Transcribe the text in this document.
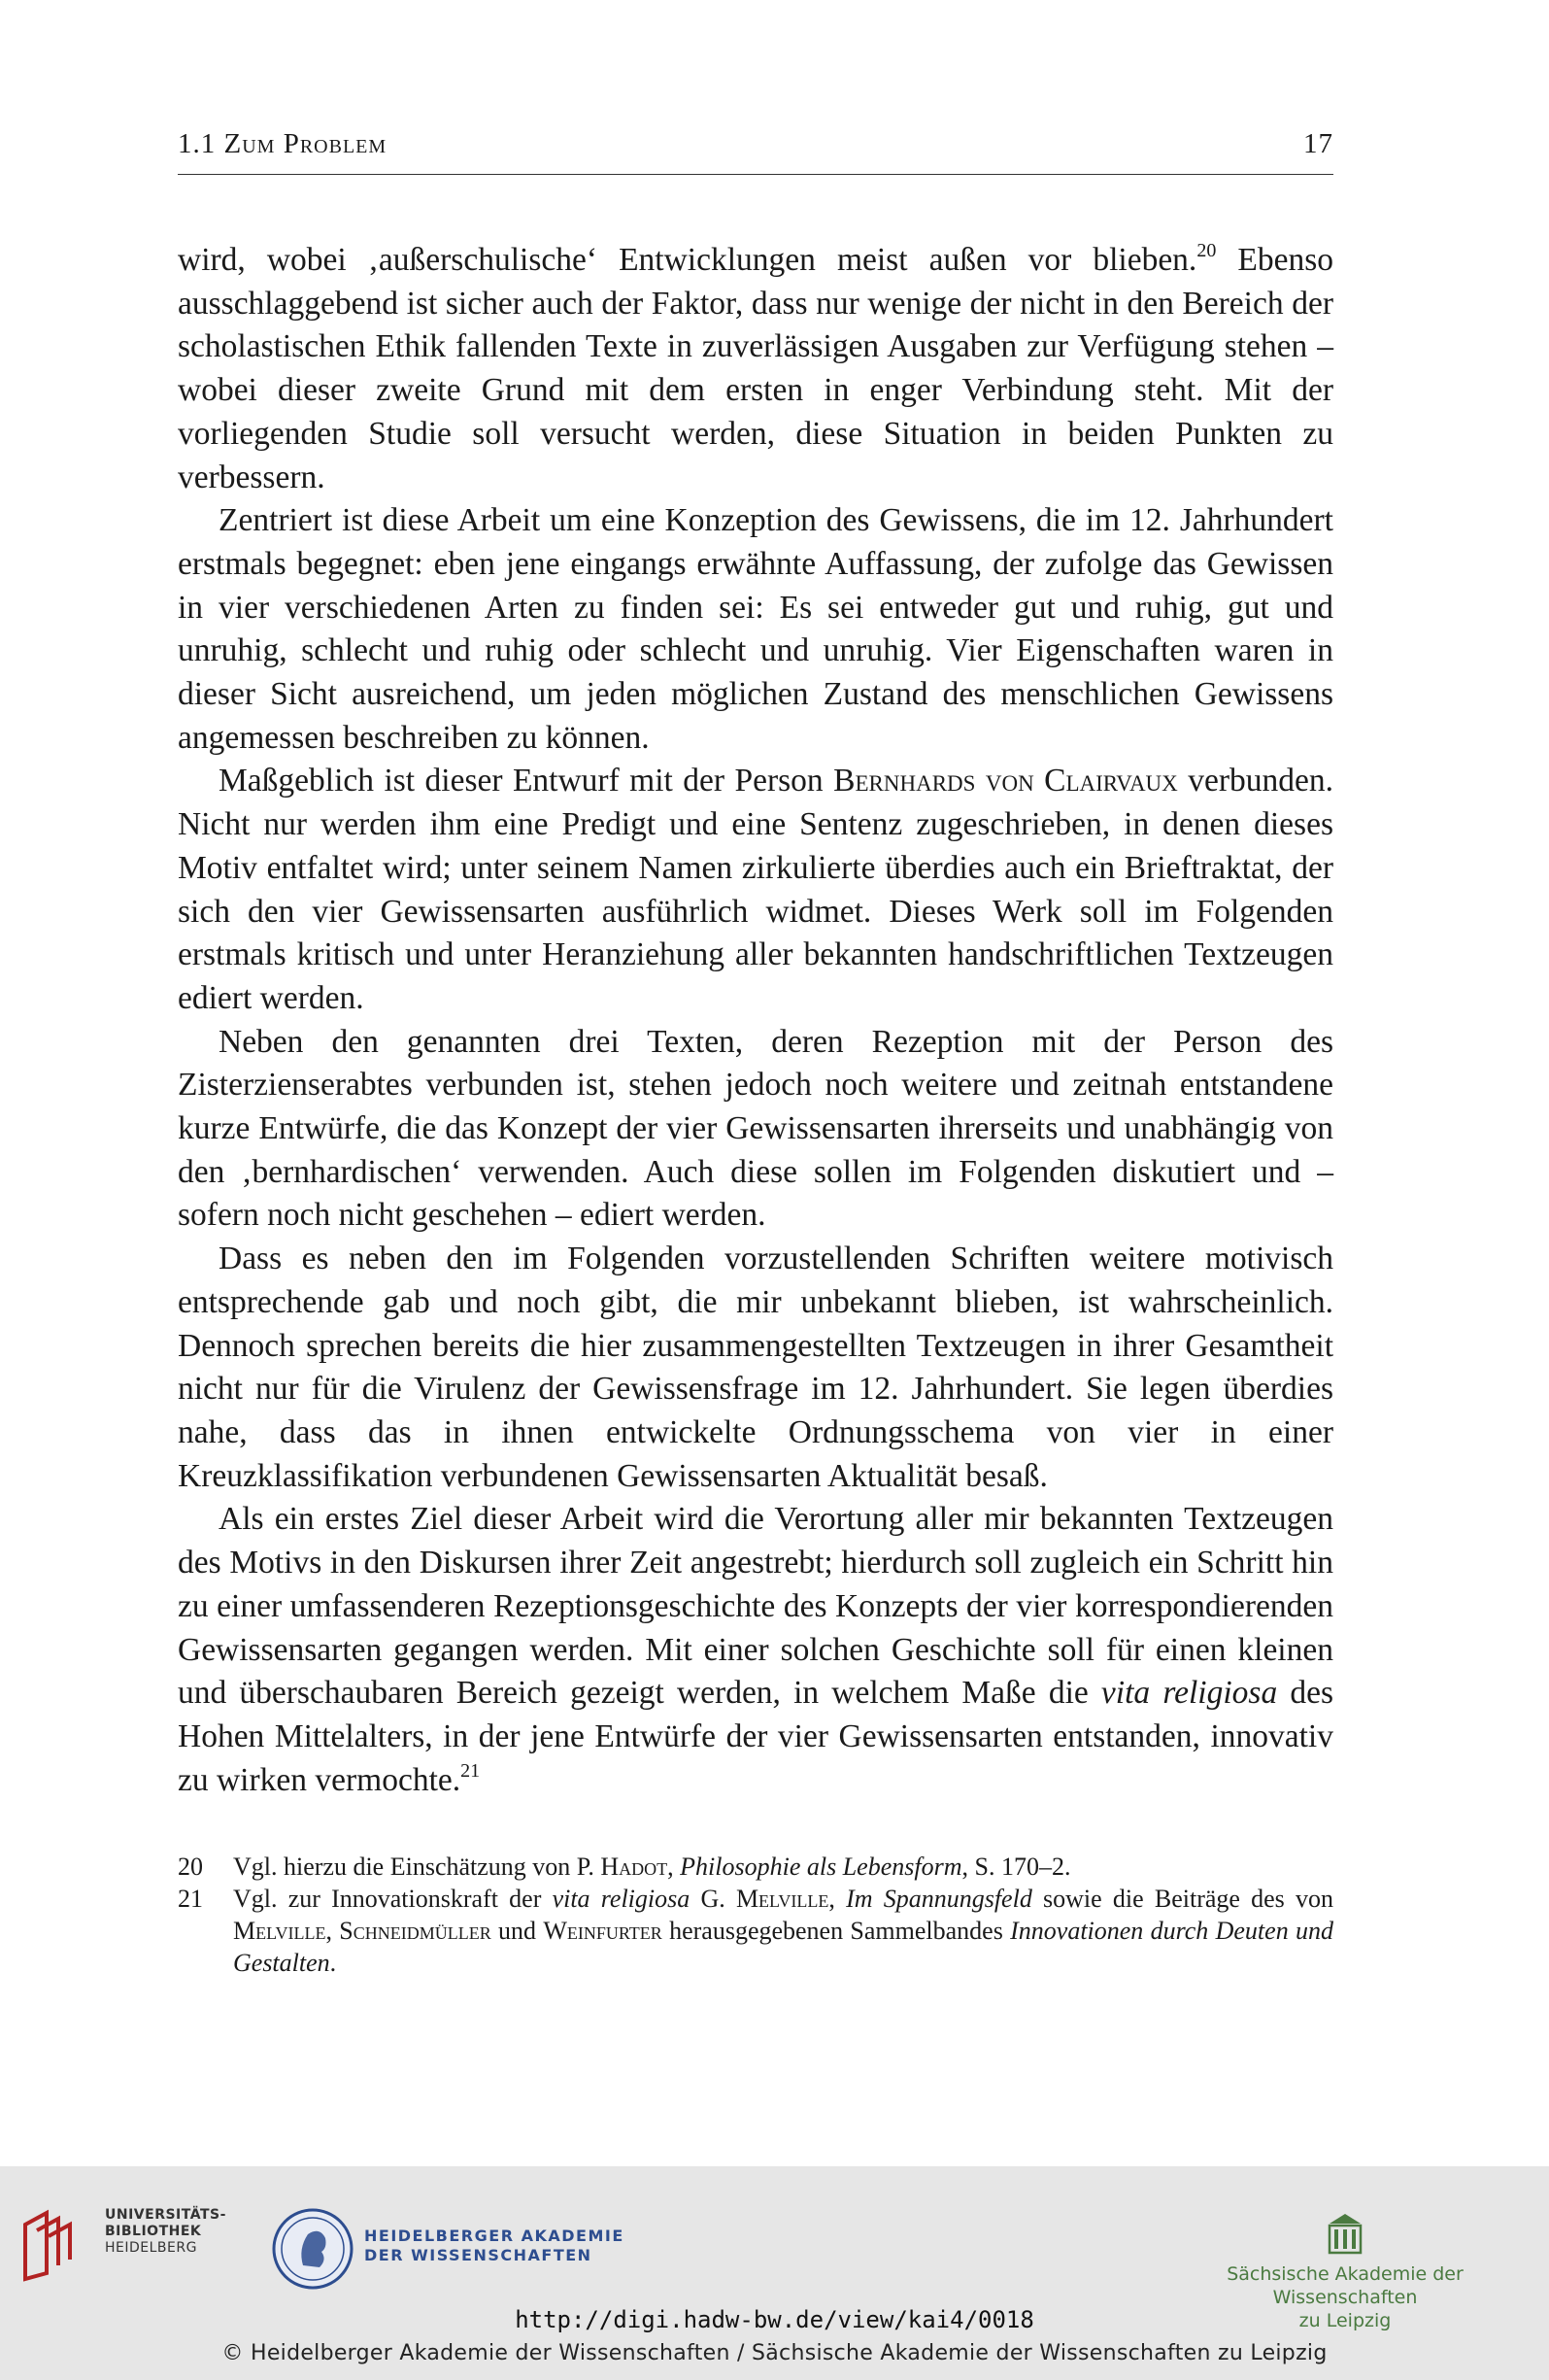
1.1 Zum Problem	17

wird, wobei ‚außerschulische‘ Entwicklungen meist außen vor blieben.$^{20}$ Ebenso ausschlaggebend ist sicher auch der Faktor, dass nur wenige der nicht in den Bereich der scholastischen Ethik fallenden Texte in zuverlässigen Ausgaben zur Verfügung stehen – wobei dieser zweite Grund mit dem ersten in enger Verbindung steht. Mit der vorliegenden Studie soll versucht werden, diese Situation in beiden Punkten zu verbessern.

Zentriert ist diese Arbeit um eine Konzeption des Gewissens, die im 12. Jahrhundert erstmals begegnet: eben jene eingangs erwähnte Auffassung, der zufolge das Gewissen in vier verschiedenen Arten zu finden sei: Es sei entweder gut und ruhig, gut und unruhig, schlecht und ruhig oder schlecht und unruhig. Vier Eigenschaften waren in dieser Sicht ausreichend, um jeden möglichen Zustand des menschlichen Gewissens angemessen beschreiben zu können.

Maßgeblich ist dieser Entwurf mit der Person Bernhards von Clairvaux verbunden. Nicht nur werden ihm eine Predigt und eine Sentenz zugeschrieben, in denen dieses Motiv entfaltet wird; unter seinem Namen zirkulierte überdies auch ein Brieftraktat, der sich den vier Gewissensarten ausführlich widmet. Dieses Werk soll im Folgenden erstmals kritisch und unter Heranziehung aller bekannten handschriftlichen Textzeugen ediert werden.

Neben den genannten drei Texten, deren Rezeption mit der Person des Zisterzienserabtes verbunden ist, stehen jedoch noch weitere und zeitnah entstandene kurze Entwürfe, die das Konzept der vier Gewissensarten ihrerseits und unabhängig von den ‚bernhardischen‘ verwenden. Auch diese sollen im Folgenden diskutiert und – sofern noch nicht geschehen – ediert werden.

Dass es neben den im Folgenden vorzustellenden Schriften weitere motivisch entsprechende gab und noch gibt, die mir unbekannt blieben, ist wahrscheinlich. Dennoch sprechen bereits die hier zusammengestellten Textzeugen in ihrer Gesamtheit nicht nur für die Virulenz der Gewissensfrage im 12. Jahrhundert. Sie legen überdies nahe, dass das in ihnen entwickelte Ordnungsschema von vier in einer Kreuzklassifikation verbundenen Gewissensarten Aktualität besaß.

Als ein erstes Ziel dieser Arbeit wird die Verortung aller mir bekannten Textzeugen des Motivs in den Diskursen ihrer Zeit angestrebt; hierdurch soll zugleich ein Schritt hin zu einer umfassenderen Rezeptionsgeschichte des Konzepts der vier korrespondierenden Gewissensarten gegangen werden. Mit einer solchen Geschichte soll für einen kleinen und überschaubaren Bereich gezeigt werden, in welchem Maße die vita religiosa des Hohen Mittelalters, in der jene Entwürfe der vier Gewissensarten entstanden, innovativ zu wirken vermochte.$^{21}$

20	Vgl. hierzu die Einschätzung von P. Hadot, Philosophie als Lebensform, S. 170–2.
21	Vgl. zur Innovationskraft der vita religiosa G. Melville, Im Spannungsfeld sowie die Beiträge des von Melville, Schneidmüller und Weinfurter herausgegebenen Sammelbandes Innovationen durch Deuten und Gestalten.
UNIVERSITÄTS-
BIBLIOTHEK
HEIDELBERG
HEIDELBERGER AKADEMIE
DER WISSENSCHAFTEN
Sächsische Akademie der Wissenschaften
zu Leipzig
http://digi.hadw-bw.de/view/kai4/0018
© Heidelberger Akademie der Wissenschaften / Sächsische Akademie der Wissenschaften zu Leipzig
